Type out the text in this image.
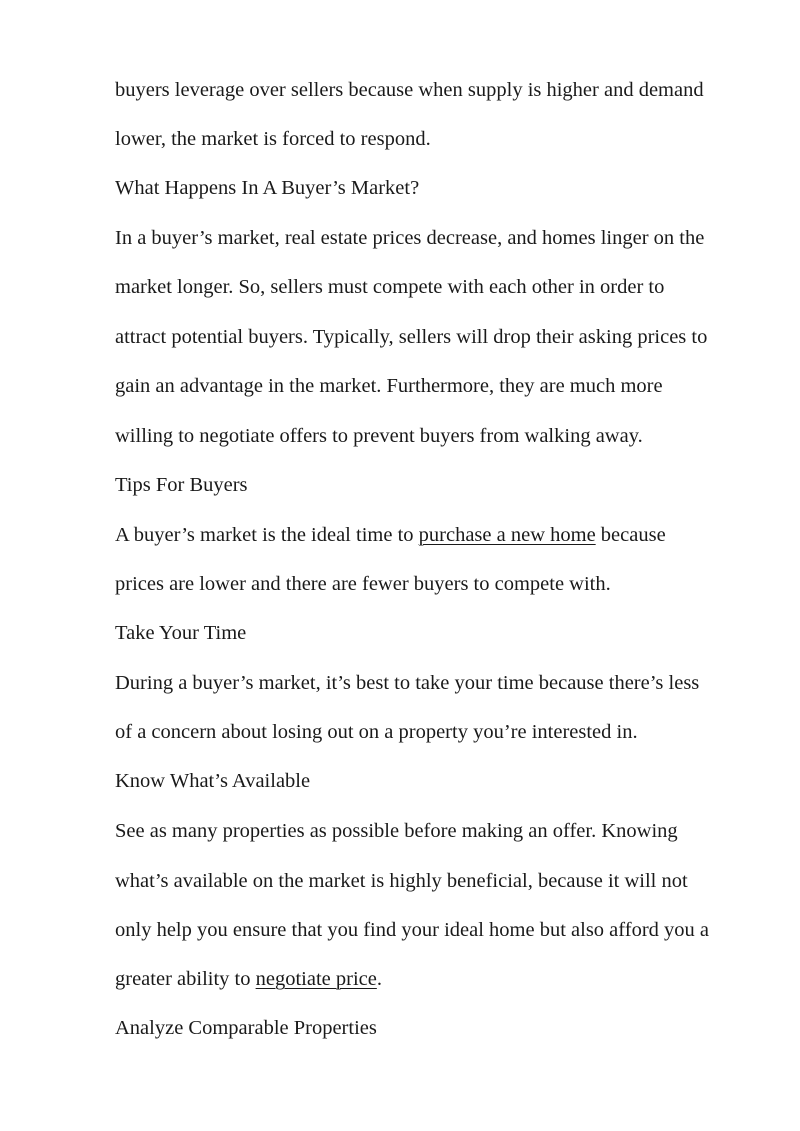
buyers leverage over sellers because when supply is higher and demand
lower, the market is forced to respond.
What Happens In A Buyer’s Market?
In a buyer’s market, real estate prices decrease, and homes linger on the
market longer. So, sellers must compete with each other in order to
attract potential buyers. Typically, sellers will drop their asking prices to
gain an advantage in the market. Furthermore, they are much more
willing to negotiate offers to prevent buyers from walking away.
Tips For Buyers
A buyer’s market is the ideal time to purchase a new home because
prices are lower and there are fewer buyers to compete with.
Take Your Time
During a buyer’s market, it’s best to take your time because there’s less
of a concern about losing out on a property you’re interested in.
Know What’s Available
See as many properties as possible before making an offer. Knowing
what’s available on the market is highly beneficial, because it will not
only help you ensure that you find your ideal home but also afford you a
greater ability to negotiate price.
Analyze Comparable Properties
